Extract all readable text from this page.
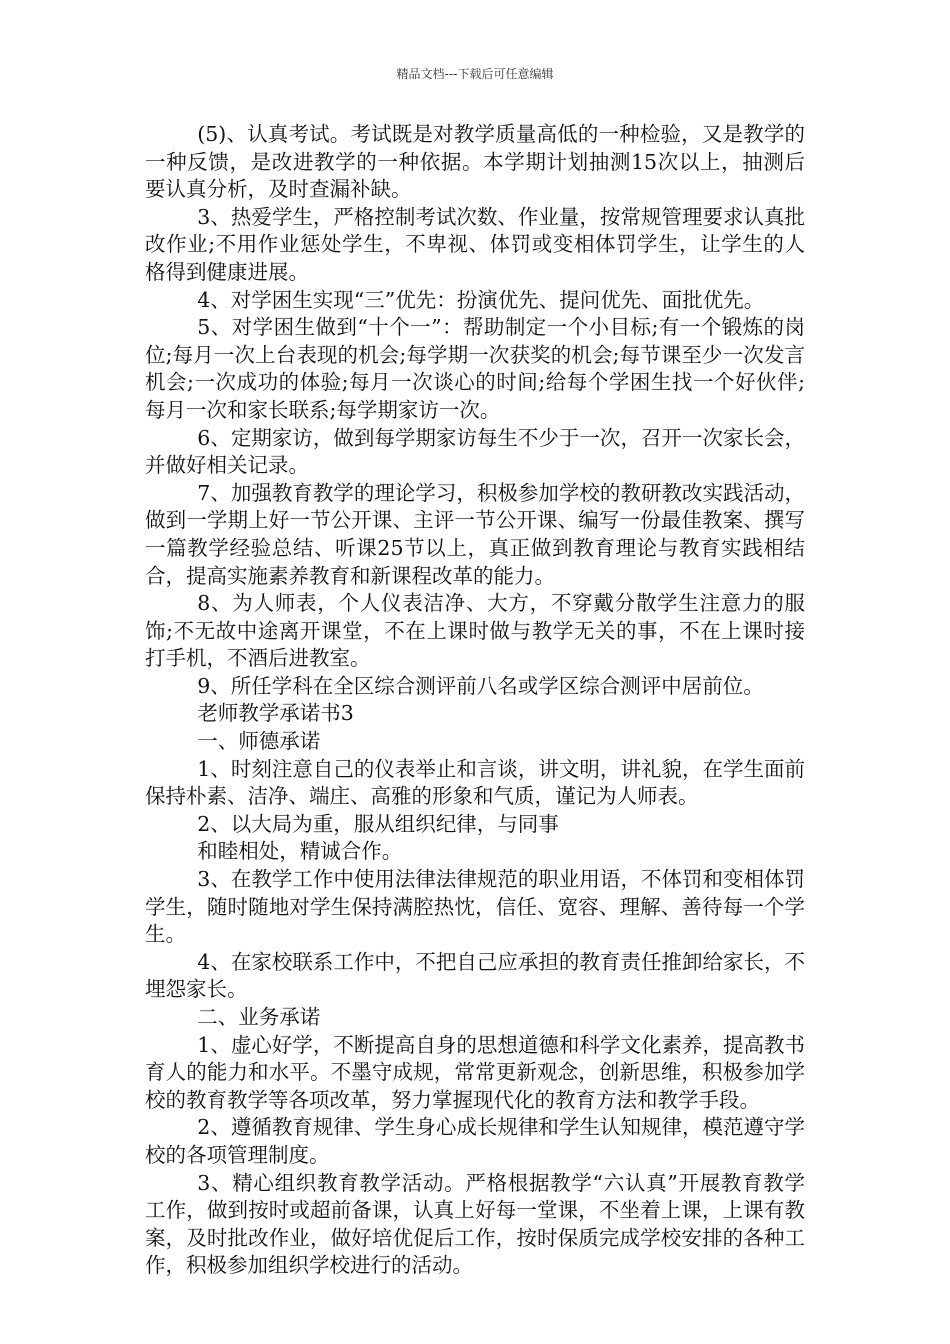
精品文档---下载后可任意编辑

(5)、认真考试。考试既是对教学质量高低的一种检验，又是教学的一种反馈，是改进教学的一种依据。本学期计划抽测15次以上，抽测后要认真分析，及时查漏补缺。

3、热爱学生，严格控制考试次数、作业量，按常规管理要求认真批改作业;不用作业惩处学生，不卑视、体罚或变相体罚学生，让学生的人格得到健康进展。

4、对学困生实现“三”优先：扮演优先、提问优先、面批优先。

5、对学困生做到“十个一”：帮助制定一个小目标;有一个锻炼的岗位;每月一次上台表现的机会;每学期一次获奖的机会;每节课至少一次发言机会;一次成功的体验;每月一次谈心的时间;给每个学困生找一个好伙伴;每月一次和家长联系;每学期家访一次。

6、定期家访，做到每学期家访每生不少于一次，召开一次家长会，并做好相关记录。

7、加强教育教学的理论学习，积极参加学校的教研教改实践活动，做到一学期上好一节公开课、主评一节公开课、编写一份最佳教案、撰写一篇教学经验总结、听课25节以上，真正做到教育理论与教育实践相结合，提高实施素养教育和新课程改革的能力。

8、为人师表，个人仪表洁净、大方，不穿戴分散学生注意力的服饰;不无故中途离开课堂，不在上课时做与教学无关的事，不在上课时接打手机，不酒后进教室。

9、所任学科在全区综合测评前八名或学区综合测评中居前位。

老师教学承诺书3

一、师德承诺

1、时刻注意自己的仪表举止和言谈，讲文明，讲礼貌，在学生面前保持朴素、洁净、端庄、高雅的形象和气质，谨记为人师表。

2、以大局为重，服从组织纪律，与同事

和睦相处，精诚合作。

3、在教学工作中使用法律法律规范的职业用语，不体罚和变相体罚学生，随时随地对学生保持满腔热忱，信任、宽容、理解、善待每一个学生。

4、在家校联系工作中，不把自己应承担的教育责任推卸给家长，不埋怨家长。

二、业务承诺

1、虚心好学，不断提高自身的思想道德和科学文化素养，提高教书育人的能力和水平。不墨守成规，常常更新观念，创新思维，积极参加学校的教育教学等各项改革，努力掌握现代化的教育方法和教学手段。

2、遵循教育规律、学生身心成长规律和学生认知规律，模范遵守学校的各项管理制度。

3、精心组织教育教学活动。严格根据教学“六认真”开展教育教学工作，做到按时或超前备课，认真上好每一堂课，不坐着上课，上课有教案，及时批改作业，做好培优促后工作，按时保质完成学校安排的各种工作，积极参加组织学校进行的活动。
